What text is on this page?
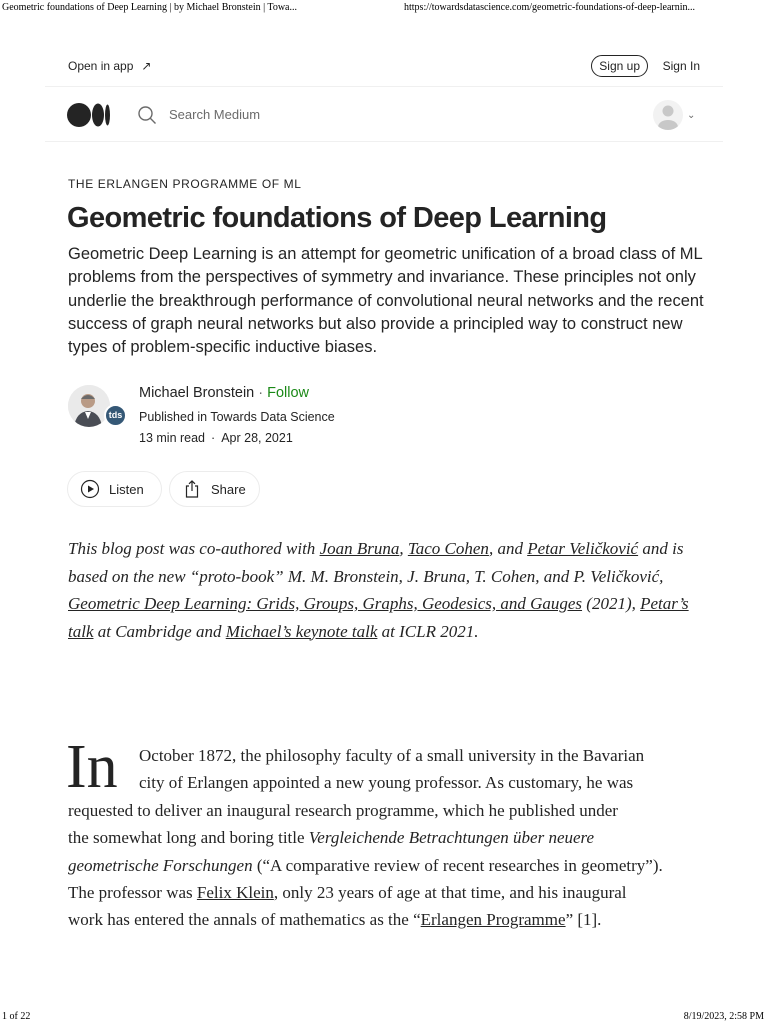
Geometric foundations of Deep Learning | by Michael Bronstein | Towa...	https://towardsdatascience.com/geometric-foundations-of-deep-learnin...
Open in app ↗	Sign up	Sign In
Search Medium	⌄
THE ERLANGEN PROGRAMME OF ML
Geometric foundations of Deep Learning

Geometric Deep Learning is an attempt for geometric unification of a broad class of ML problems from the perspectives of symmetry and invariance. These principles not only underlie the breakthrough performance of convolutional neural networks and the recent success of graph neural networks but also provide a principled way to construct new types of problem-specific inductive biases.

tds
Michael Bronstein · Follow
Published in Towards Data Science
13 min read · Apr 28, 2021
Listen	Share

This blog post was co-authored with Joan Bruna, Taco Cohen, and Petar Veličković and is based on the new “proto-book” M. M. Bronstein, J. Bruna, T. Cohen, and P. Veličković, Geometric Deep Learning: Grids, Groups, Graphs, Geodesics, and Gauges (2021), Petar’s talk at Cambridge and Michael’s keynote talk at ICLR 2021.

In	October 1872, the philosophy faculty of a small university in the Bavarian
city of Erlangen appointed a new young professor. As customary, he was
requested to deliver an inaugural research programme, which he published under
the somewhat long and boring title Vergleichende Betrachtungen über neuere
geometrische Forschungen (“A comparative review of recent researches in geometry”).
The professor was Felix Klein, only 23 years of age at that time, and his inaugural
work has entered the annals of mathematics as the “Erlangen Programme” [1].
1 of 22	8/19/2023, 2:58 PM
